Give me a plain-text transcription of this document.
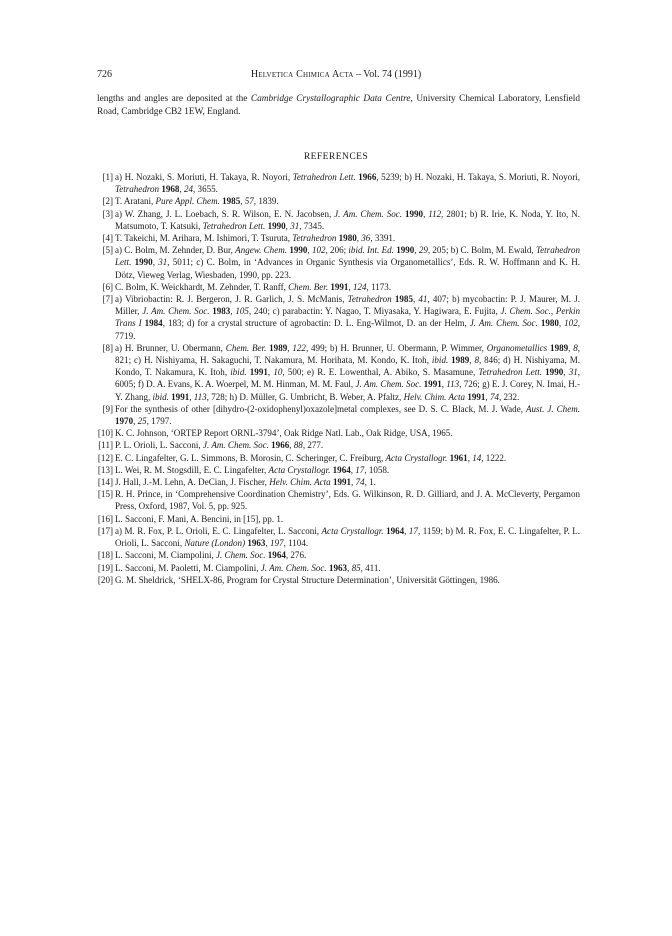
726	Helvetica Chimica Acta – Vol. 74 (1991)

lengths and angles are deposited at the Cambridge Crystallographic Data Centre, University Chemical Laboratory, Lensfield Road, Cambridge CB2 1EW, England.

REFERENCES

[1] a) H. Nozaki, S. Moriuti, H. Takaya, R. Noyori, Tetrahedron Lett. 1966, 5239; b) H. Nozaki, H. Takaya, S. Moriuti, R. Noyori, Tetrahedron 1968, 24, 3655.

[2] T. Aratani, Pure Appl. Chem. 1985, 57, 1839.

[3] a) W. Zhang, J. L. Loebach, S. R. Wilson, E. N. Jacobsen, J. Am. Chem. Soc. 1990, 112, 2801; b) R. Irie, K. Noda, Y. Ito, N. Matsumoto, T. Katsuki, Tetrahedron Lett. 1990, 31, 7345.

[4] T. Takeichi, M. Arihara, M. Ishimori, T. Tsuruta, Tetrahedron 1980, 36, 3391.

[5] a) C. Bolm, M. Zehnder, D. Bur, Angew. Chem. 1990, 102, 206; ibid. Int. Ed. 1990, 29, 205; b) C. Bolm, M. Ewald, Tetrahedron Lett. 1990, 31, 5011; c) C. Bolm, in ‘Advances in Organic Synthesis via Organometallics’, Eds. R. W. Hoffmann and K. H. Dötz, Vieweg Verlag, Wiesbaden, 1990, pp. 223.

[6] C. Bolm, K. Weickhardt, M. Zehnder, T. Ranff, Chem. Ber. 1991, 124, 1173.

[7] a) Vibriobactin: R. J. Bergeron, J. R. Garlich, J. S. McManis, Tetrahedron 1985, 41, 407; b) mycobactin: P. J. Maurer, M. J. Miller, J. Am. Chem. Soc. 1983, 105, 240; c) parabactin: Y. Nagao, T. Miyasaka, Y. Hagiwara, E. Fujita, J. Chem. Soc., Perkin Trans I 1984, 183; d) for a crystal structure of agrobactin: D. L. Eng-Wilmot, D. an der Helm, J. Am. Chem. Soc. 1980, 102, 7719.

[8] a) H. Brunner, U. Obermann, Chem. Ber. 1989, 122, 499; b) H. Brunner, U. Obermann, P. Wimmer, Organometallics 1989, 8, 821; c) H. Nishiyama, H. Sakaguchi, T. Nakamura, M. Horihata, M. Kondo, K. Itoh, ibid. 1989, 8, 846; d) H. Nishiyama, M. Kondo, T. Nakamura, K. Itoh, ibid. 1991, 10, 500; e) R. E. Lowenthal, A. Abiko, S. Masamune, Tetrahedron Lett. 1990, 31, 6005; f) D. A. Evans, K. A. Woerpel, M. M. Hinman, M. M. Faul, J. Am. Chem. Soc. 1991, 113, 726; g) E. J. Corey, N. Imai, H.-Y. Zhang, ibid. 1991, 113, 728; h) D. Müller, G. Umbricht, B. Weber, A. Pfaltz, Helv. Chim. Acta 1991, 74, 232.

[9] For the synthesis of other [dihydro-(2-oxidophenyl)oxazole]metal complexes, see D. S. C. Black, M. J. Wade, Aust. J. Chem. 1970, 25, 1797.

[10] K. C. Johnson, ‘ORTEP Report ORNL-3794’, Oak Ridge Natl. Lab., Oak Ridge, USA, 1965.

[11] P. L. Orioli, L. Sacconi, J. Am. Chem. Soc. 1966, 88, 277.

[12] E. C. Lingafelter, G. L. Simmons, B. Morosin, C. Scheringer, C. Freiburg, Acta Crystallogr. 1961, 14, 1222.

[13] L. Wei, R. M. Stogsdill, E. C. Lingafelter, Acta Crystallogr. 1964, 17, 1058.

[14] J. Hall, J.-M. Lehn, A. DeCian, J. Fischer, Helv. Chim. Acta 1991, 74, 1.

[15] R. H. Prince, in ‘Comprehensive Coordination Chemistry’, Eds. G. Wilkinson, R. D. Gilliard, and J. A. McCleverty, Pergamon Press, Oxford, 1987, Vol. 5, pp. 925.

[16] L. Sacconi, F. Mani, A. Bencini, in [15], pp. 1.

[17] a) M. R. Fox, P. L. Orioli, E. C. Lingafelter, L. Sacconi, Acta Crystallogr. 1964, 17, 1159; b) M. R. Fox, E. C. Lingafelter, P. L. Orioli, L. Sacconi, Nature (London) 1963, 197, 1104.

[18] L. Sacconi, M. Ciampolini, J. Chem. Soc. 1964, 276.

[19] L. Sacconi, M. Paoletti, M. Ciampolini, J. Am. Chem. Soc. 1963, 85, 411.

[20] G. M. Sheldrick, ‘SHELX-86, Program for Crystal Structure Determination’, Universität Göttingen, 1986.
